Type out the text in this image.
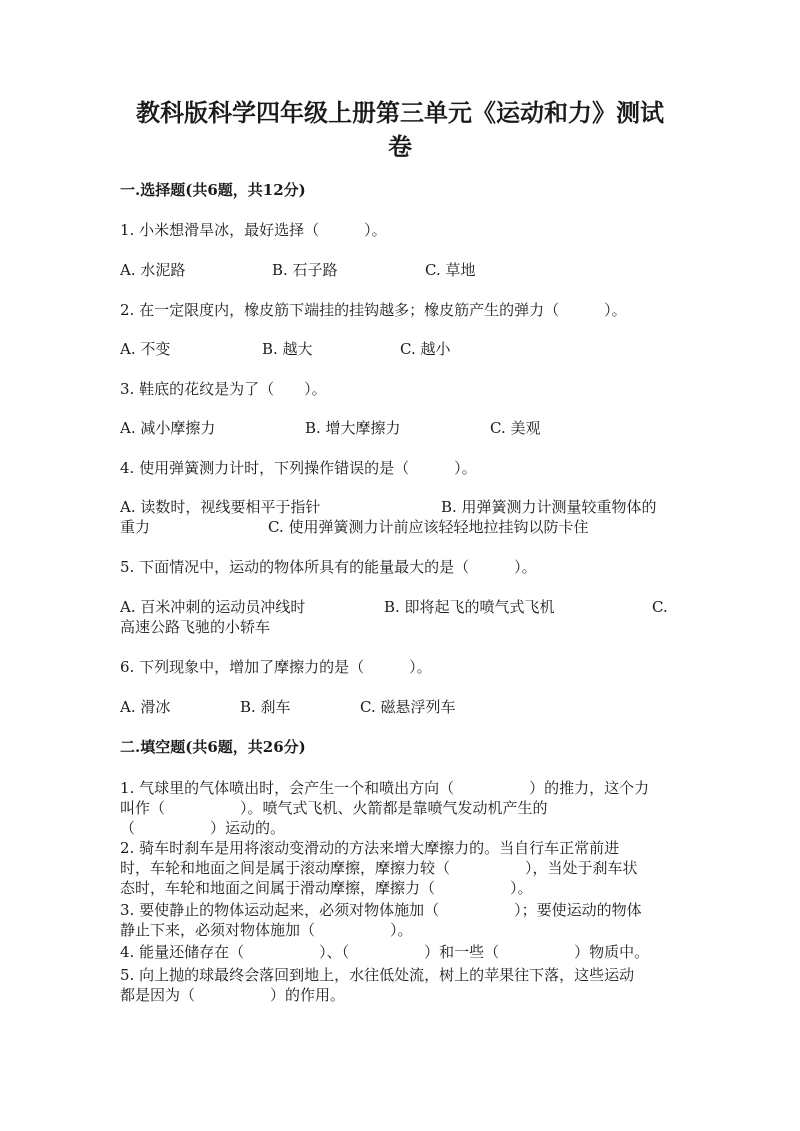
教科版科学四年级上册第三单元《运动和力》测试
卷
一.选择题(共6题，共12分)
1. 小米想滑旱冰，最好选择（　　　）。
A. 水泥路	B. 石子路	C. 草地
2. 在一定限度内，橡皮筋下端挂的挂钩越多；橡皮筋产生的弹力（　　　）。
A. 不变	B. 越大	C. 越小
3. 鞋底的花纹是为了（　　）。
A. 减小摩擦力	B. 增大摩擦力	C. 美观
4. 使用弹簧测力计时，下列操作错误的是（　　　）。
A. 读数时，视线要相平于指针	B. 用弹簧测力计测量较重物体的
重力	C. 使用弹簧测力计前应该轻轻地拉挂钩以防卡住
5. 下面情况中，运动的物体所具有的能量最大的是（　　　）。
A. 百米冲刺的运动员冲线时	B. 即将起飞的喷气式飞机	C.
高速公路飞驰的小轿车
6. 下列现象中，增加了摩擦力的是（　　　）。
A. 滑冰	B. 刹车	C. 磁悬浮列车
二.填空题(共6题，共26分)
1. 气球里的气体喷出时，会产生一个和喷出方向（　　　　　）的推力，这个力
叫作（　　　　　）。喷气式飞机、火箭都是靠喷气发动机产生的
（　　　　　）运动的。
2. 骑车时刹车是用将滚动变滑动的方法来增大摩擦力的。当自行车正常前进
时，车轮和地面之间是属于滚动摩擦，摩擦力较（　　　　　），当处于刹车状
态时，车轮和地面之间属于滑动摩擦，摩擦力（　　　　　）。
3. 要使静止的物体运动起来，必须对物体施加（　　　　　）；要使运动的物体
静止下来，必须对物体施加（　　　　　）。
4. 能量还储存在（　　　　　）、（　　　　　）和一些（　　　　　）物质中。
5. 向上抛的球最终会落回到地上，水往低处流，树上的苹果往下落，这些运动
都是因为（　　　　　）的作用。
